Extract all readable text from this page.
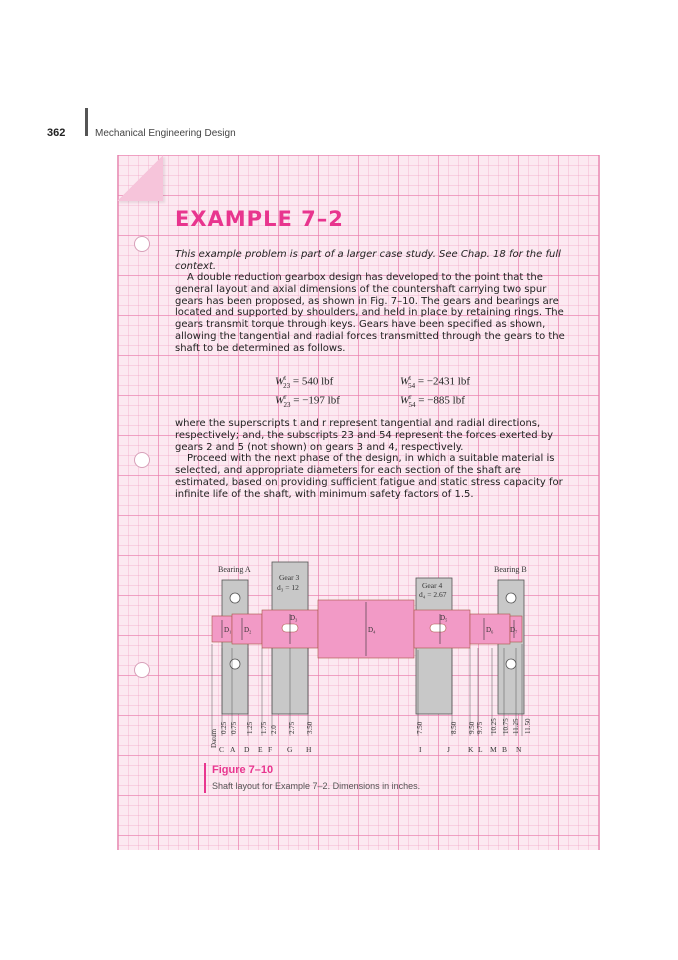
362	Mechanical Engineering Design
EXAMPLE 7–2

This example problem is part of a larger case study. See Chap. 18 for the full context.

A double reduction gearbox design has developed to the point that the general layout and axial dimensions of the countershaft carrying two spur gears has been proposed, as shown in Fig. 7–10. The gears and bearings are located and supported by shoulders, and held in place by retaining rings. The gears transmit torque through keys. Gears have been specified as shown, allowing the tangential and radial forces transmitted through the gears to the shaft to be determined as follows.

$W^t_{23} = 540$ lbf	$W^t_{54} = -2431$ lbf
$W^r_{23} = -197$ lbf	$W^r_{54} = -885$ lbf

where the superscripts t and r represent tangential and radial directions, respectively; and, the subscripts 23 and 54 represent the forces exerted by gears 2 and 5 (not shown) on gears 3 and 4, respectively.

Proceed with the next phase of the design, in which a suitable material is selected, and appropriate diameters for each section of the shaft are estimated, based on providing sufficient fatigue and static stress capacity for infinite life of the shaft, with minimum safety factors of 1.5.

Bearing A	Bearing B
Gear 3
d₃ = 12	Gear 4
d₄ = 2.67
D₁ D₂
D₃
D₄
D₅
D₆ D₇
Datum
0.25 0.75 1.25 1.75 2.0 2.75 3.50	7.50	8.50 9.50 9.75 10.25 10.75 11.25 11.50
C A D E F G H	I	J K L M B N
Figure 7–10
Shaft layout for Example 7–2. Dimensions in inches.
